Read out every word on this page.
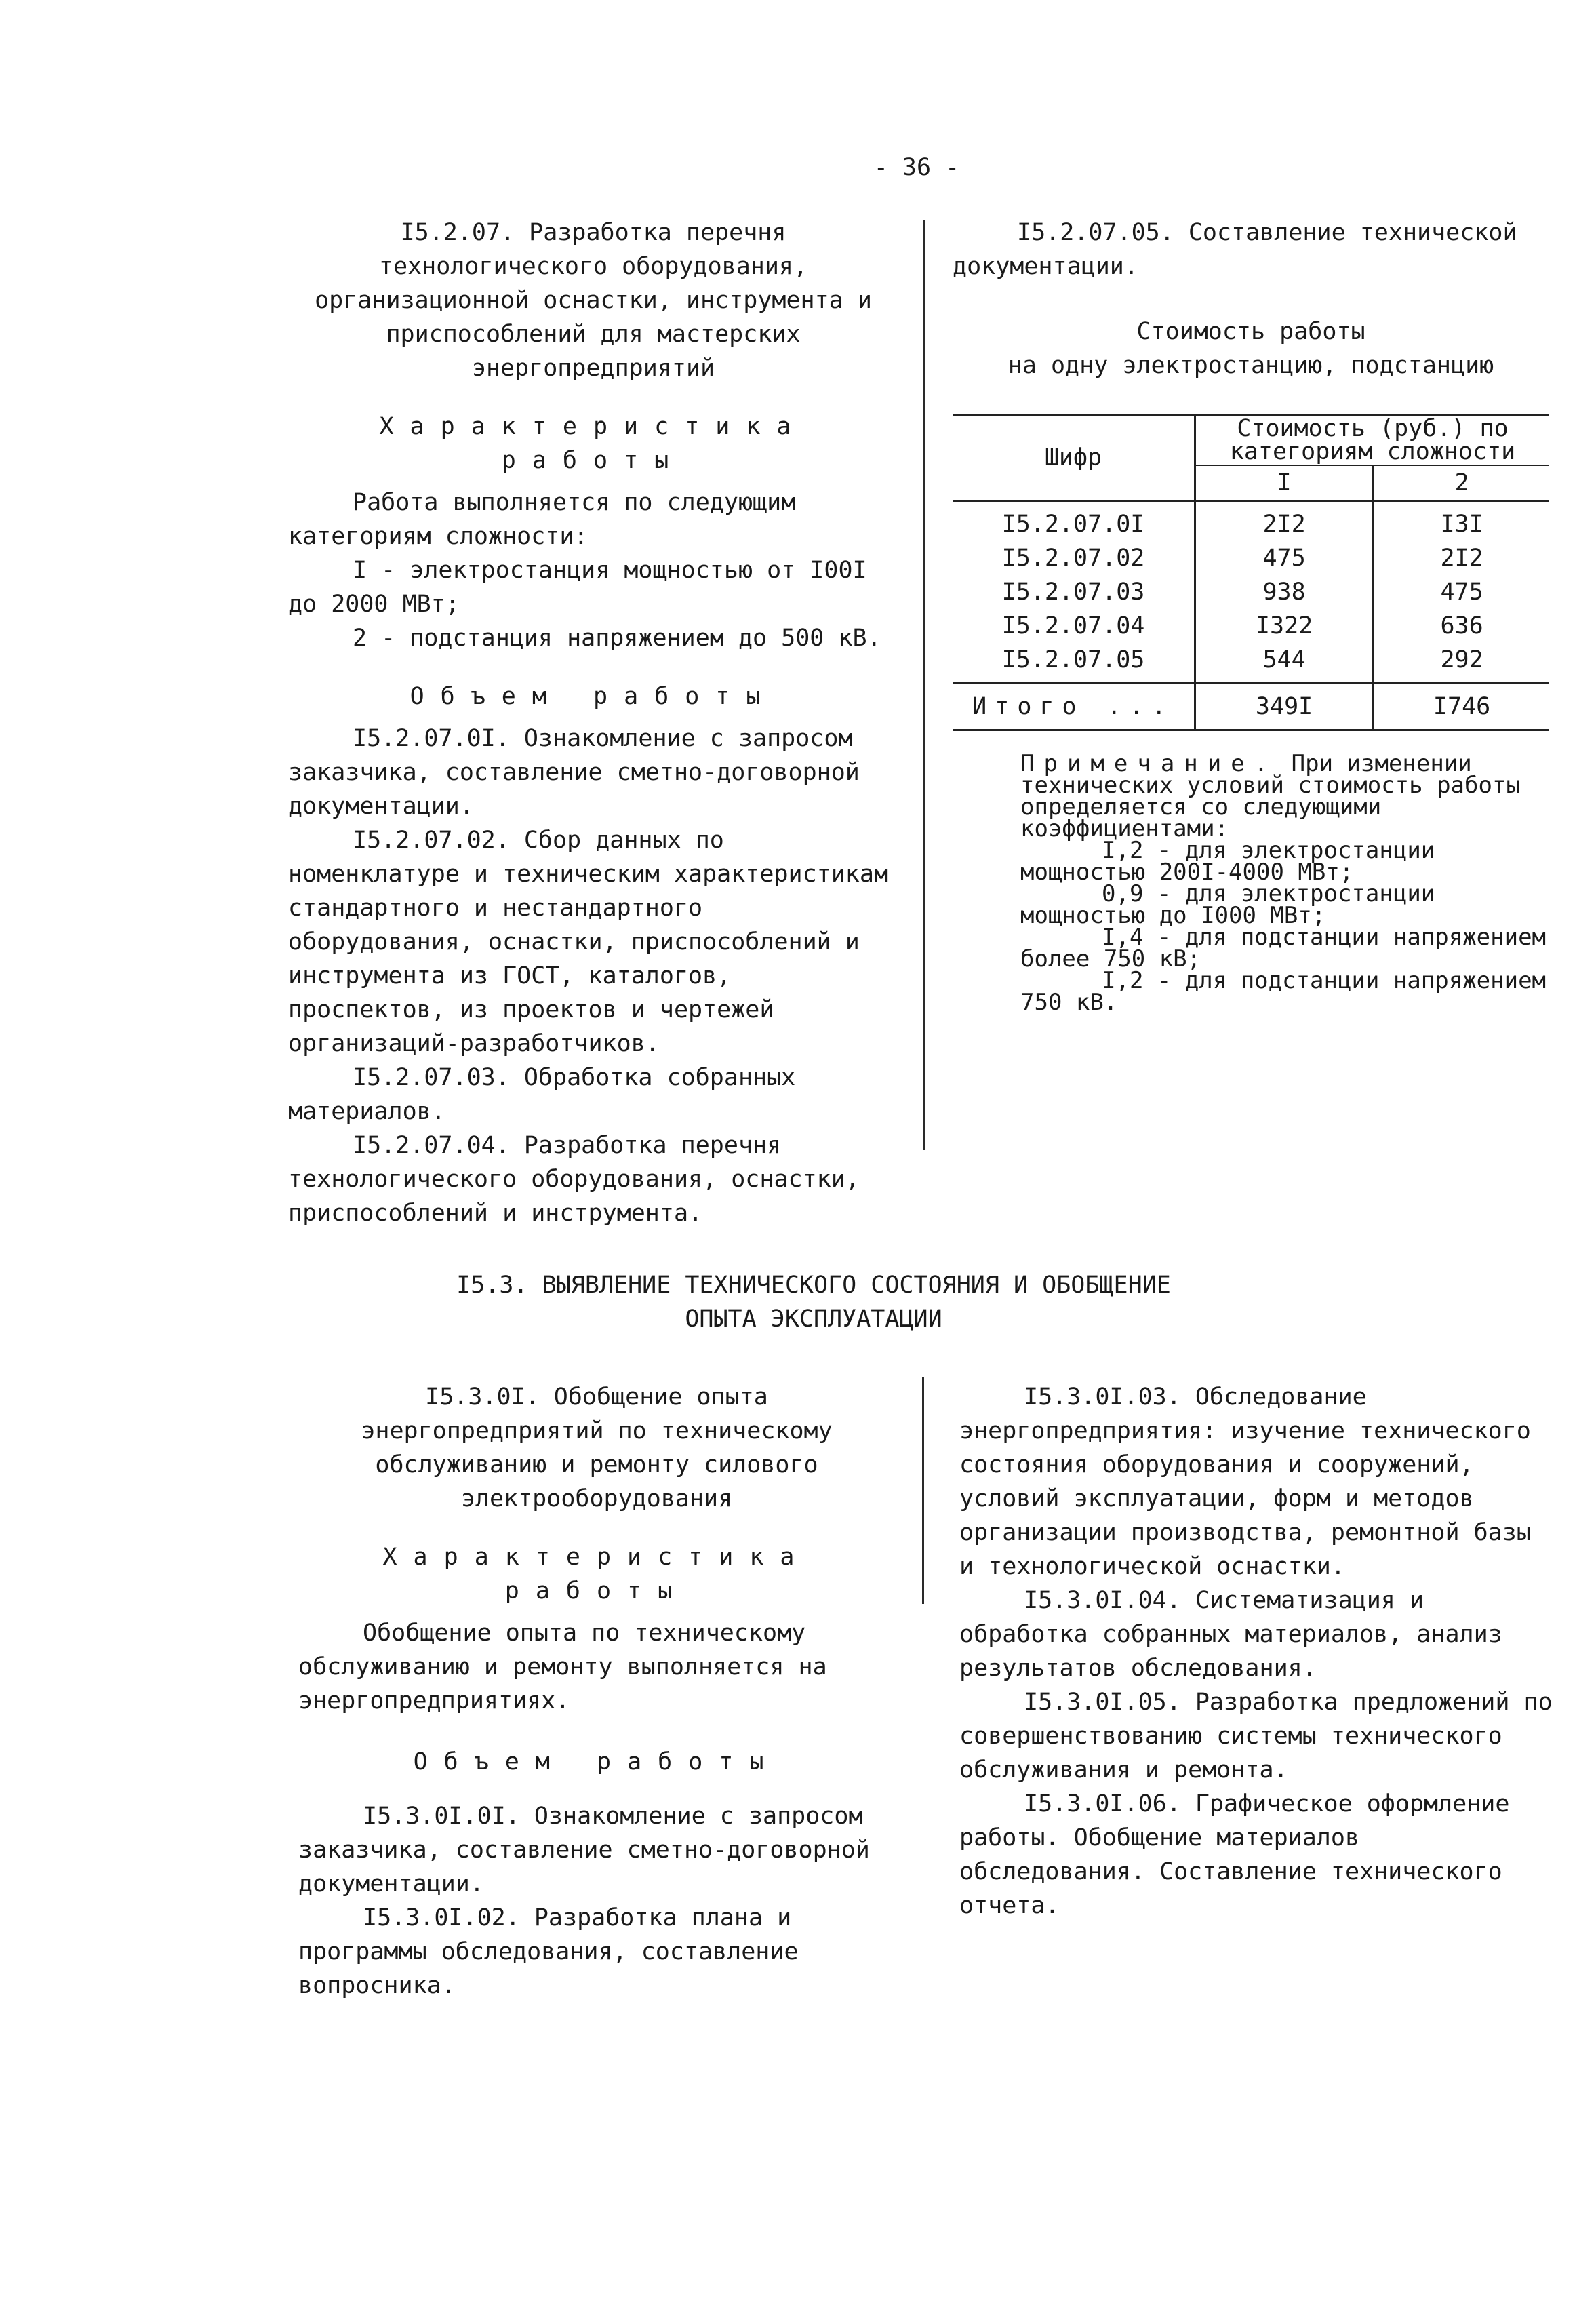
- 36 -

I5.2.07. Разработка перечня технологического оборудования, организационной оснастки, инструмента и приспособлений для мастерских энергопредприятий

Характеристика работы

Работа выполняется по следующим категориям сложности:

I - электростанция мощностью от I00I до 2000 МВт;

2 - подстанция напряжением до 500 кВ.

Объем работы

I5.2.07.0I. Ознакомление с запросом заказчика, составление сметно-договорной документации.

I5.2.07.02. Сбор данных по номенклатуре и техническим характеристикам стандартного и нестандартного оборудования, оснастки, приспособлений и инструмента из ГОСТ, каталогов, проспектов, из проектов и чертежей организаций-разработчиков.

I5.2.07.03. Обработка собранных материалов.

I5.2.07.04. Разработка перечня технологического оборудования, оснастки, приспособлений и инструмента.

I5.2.07.05. Составление технической документации.

Стоимость работы

на одну электростанцию, подстанцию

Шифр	Стоимость (руб.) по категориям сложности	
	I	2
I5.2.07.0I	2I2	I3I
I5.2.07.02	475	2I2
I5.2.07.03	938	475
I5.2.07.04	I322	636
I5.2.07.05	544	292
Итого ...	349I	I746

Примечание. При изменении технических условий стоимость работы определяется со следующими коэффициентами:

I,2 - для электростанции мощностью 200I-4000 МВт;

0,9 - для электростанции мощностью до I000 МВт;

I,4 - для подстанции напряжением более 750 кВ;

I,2 - для подстанции напряжением 750 кВ.

I5.3. ВЫЯВЛЕНИЕ ТЕХНИЧЕСКОГО СОСТОЯНИЯ И ОБОБЩЕНИЕ

ОПЫТА ЭКСПЛУАТАЦИИ

I5.3.0I. Обобщение опыта энергопредприятий по техническому обслуживанию и ремонту силового электрооборудования

Характеристика работы

Обобщение опыта по техническому обслуживанию и ремонту выполняется на энергопредприятиях.

Объем работы

I5.3.0I.0I. Ознакомление с запросом заказчика, составление сметно-договорной документации.

I5.3.0I.02. Разработка плана и программы обследования, составление вопросника.

I5.3.0I.03. Обследование энергопредприятия: изучение технического состояния оборудования и сооружений, условий эксплуатации, форм и методов организации производства, ремонтной базы и технологической оснастки.

I5.3.0I.04. Систематизация и обработка собранных материалов, анализ результатов обследования.

I5.3.0I.05. Разработка предложений по совершенствованию системы технического обслуживания и ремонта.

I5.3.0I.06. Графическое оформление работы. Обобщение материалов обследования. Составление технического отчета.
